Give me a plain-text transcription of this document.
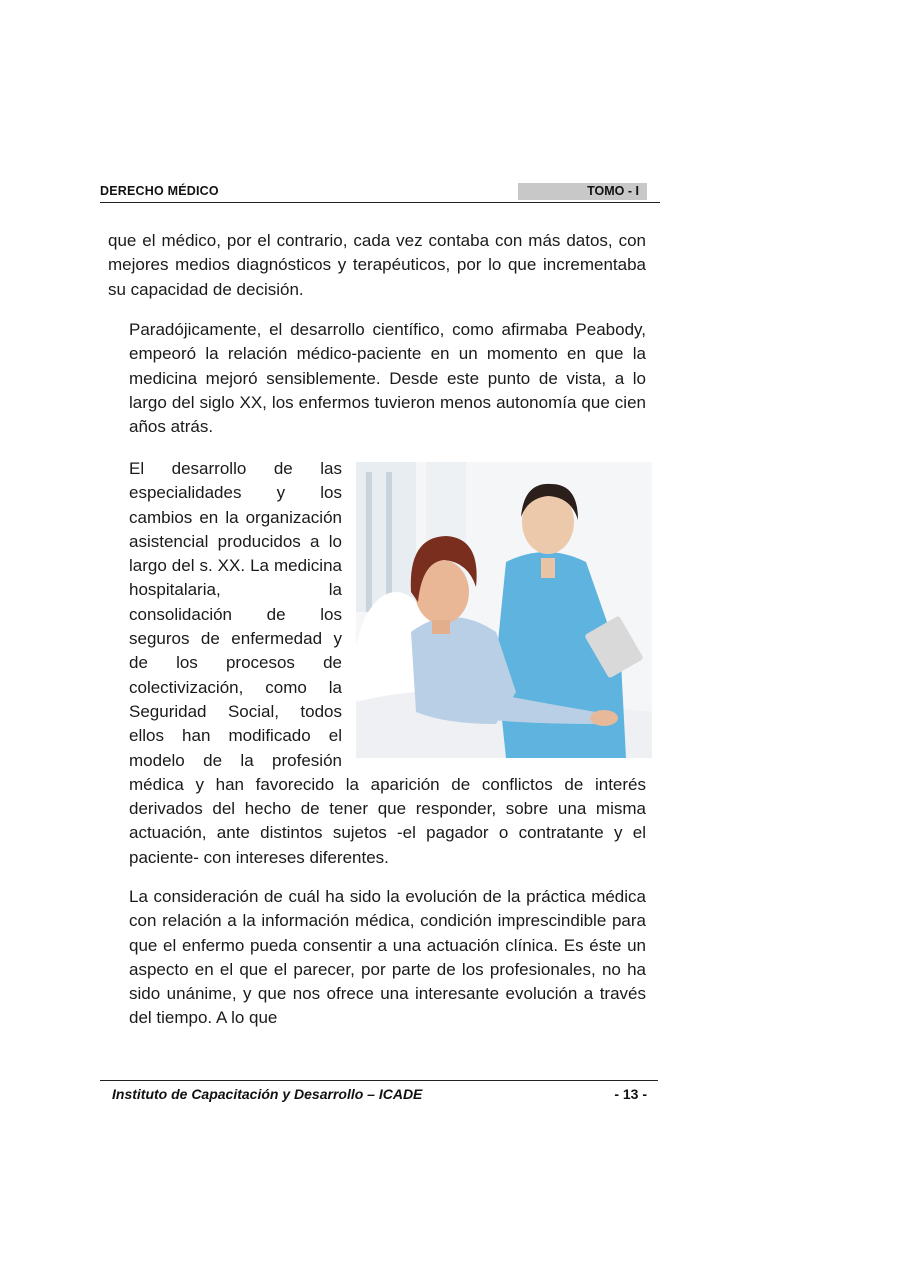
DERECHO MÉDICO	TOMO - I

que el médico, por el contrario, cada vez contaba con más datos, con mejores medios diagnósticos y terapéuticos, por lo que incrementaba su capacidad de decisión.

Paradójicamente, el desarrollo científico, como afirmaba Peabody, empeoró la relación médico-paciente en un momento en que la medicina mejoró sensiblemente. Desde este punto de vista, a lo largo del siglo XX, los enfermos tuvieron menos autonomía que cien años atrás.

El desarrollo de las especialidades y los cambios en la organización asistencial producidos a lo largo del s. XX. La medicina hospitalaria, la consolidación de los seguros de enfermedad y de los procesos de colectivización, como la Seguridad Social, todos ellos han modificado el modelo de la profesión médica y han favorecido la aparición de conflictos de interés derivados del hecho de tener que responder, sobre una misma actuación, ante distintos sujetos -el pagador o contratante y el paciente- con intereses diferentes.

La consideración de cuál ha sido la evolución de la práctica médica con relación a la información médica, condición imprescindible para que el enfermo pueda consentir a una actuación clínica. Es éste un aspecto en el que el parecer, por parte de los profesionales, no ha sido unánime, y que nos ofrece una interesante evolución a través del tiempo. A lo que

Instituto de Capacitación y Desarrollo – ICADE	- 13 -
